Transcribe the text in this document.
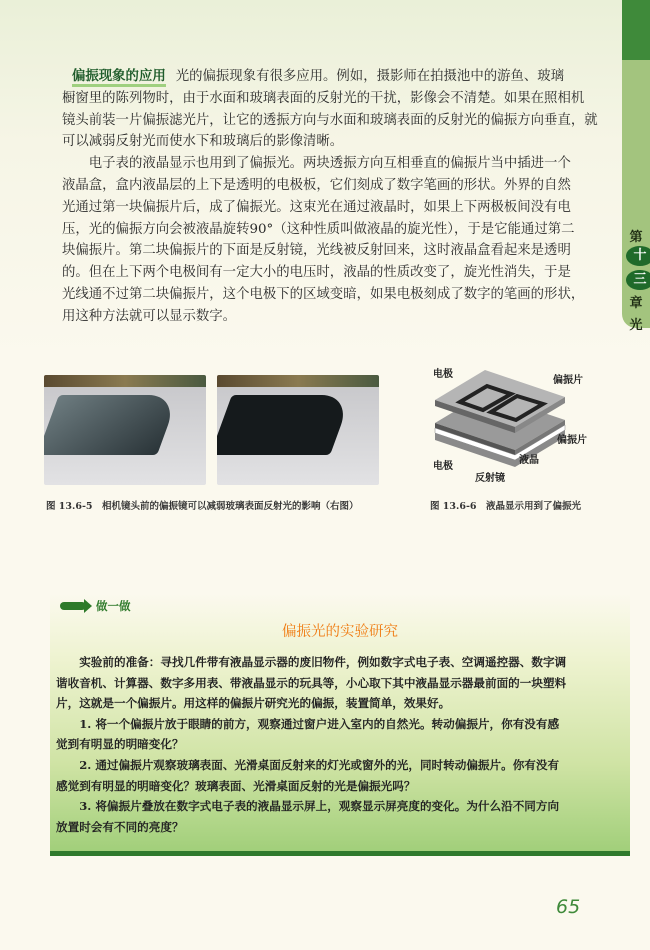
第
十
三
章
光

偏振现象的应用 光的偏振现象有很多应用。例如，摄影师在拍摄池中的游鱼、玻璃

橱窗里的陈列物时，由于水面和玻璃表面的反射光的干扰，影像会不清楚。如果在照相机

镜头前装一片偏振滤光片，让它的透振方向与水面和玻璃表面的反射光的偏振方向垂直，就

可以减弱反射光而使水下和玻璃后的影像清晰。

　　电子表的液晶显示也用到了偏振光。两块透振方向互相垂直的偏振片当中插进一个

液晶盒，盒内液晶层的上下是透明的电极板，它们刻成了数字笔画的形状。外界的自然

光通过第一块偏振片后，成了偏振光。这束光在通过液晶时，如果上下两极板间没有电

压，光的偏振方向会被液晶旋转90°（这种性质叫做液晶的旋光性），于是它能通过第二

块偏振片。第二块偏振片的下面是反射镜，光线被反射回来，这时液晶盒看起来是透明

的。但在上下两个电极间有一定大小的电压时，液晶的性质改变了，旋光性消失，于是

光线通不过第二块偏振片，这个电极下的区域变暗，如果电极刻成了数字的笔画的形状，

用这种方法就可以显示数字。

电极
偏振片
偏振片
液晶
电极
反射镜
图 13.6-5　相机镜头前的偏振镜可以减弱玻璃表面反射光的影响（右图）	图 13.6-6　液晶显示用到了偏振光
做一做
偏振光的实验研究

　　实验前的准备：寻找几件带有液晶显示器的废旧物件，例如数字式电子表、空调遥控器、数字调

谐收音机、计算器、数字多用表、带液晶显示的玩具等，小心取下其中液晶显示器最前面的一块塑料

片，这就是一个偏振片。用这样的偏振片研究光的偏振，装置简单，效果好。

　　1. 将一个偏振片放于眼睛的前方，观察通过窗户进入室内的自然光。转动偏振片，你有没有感

觉到有明显的明暗变化？

　　2. 通过偏振片观察玻璃表面、光滑桌面反射来的灯光或窗外的光，同时转动偏振片。你有没有

感觉到有明显的明暗变化？玻璃表面、光滑桌面反射的光是偏振光吗？

　　3. 将偏振片叠放在数字式电子表的液晶显示屏上，观察显示屏亮度的变化。为什么沿不同方向

放置时会有不同的亮度？

65
